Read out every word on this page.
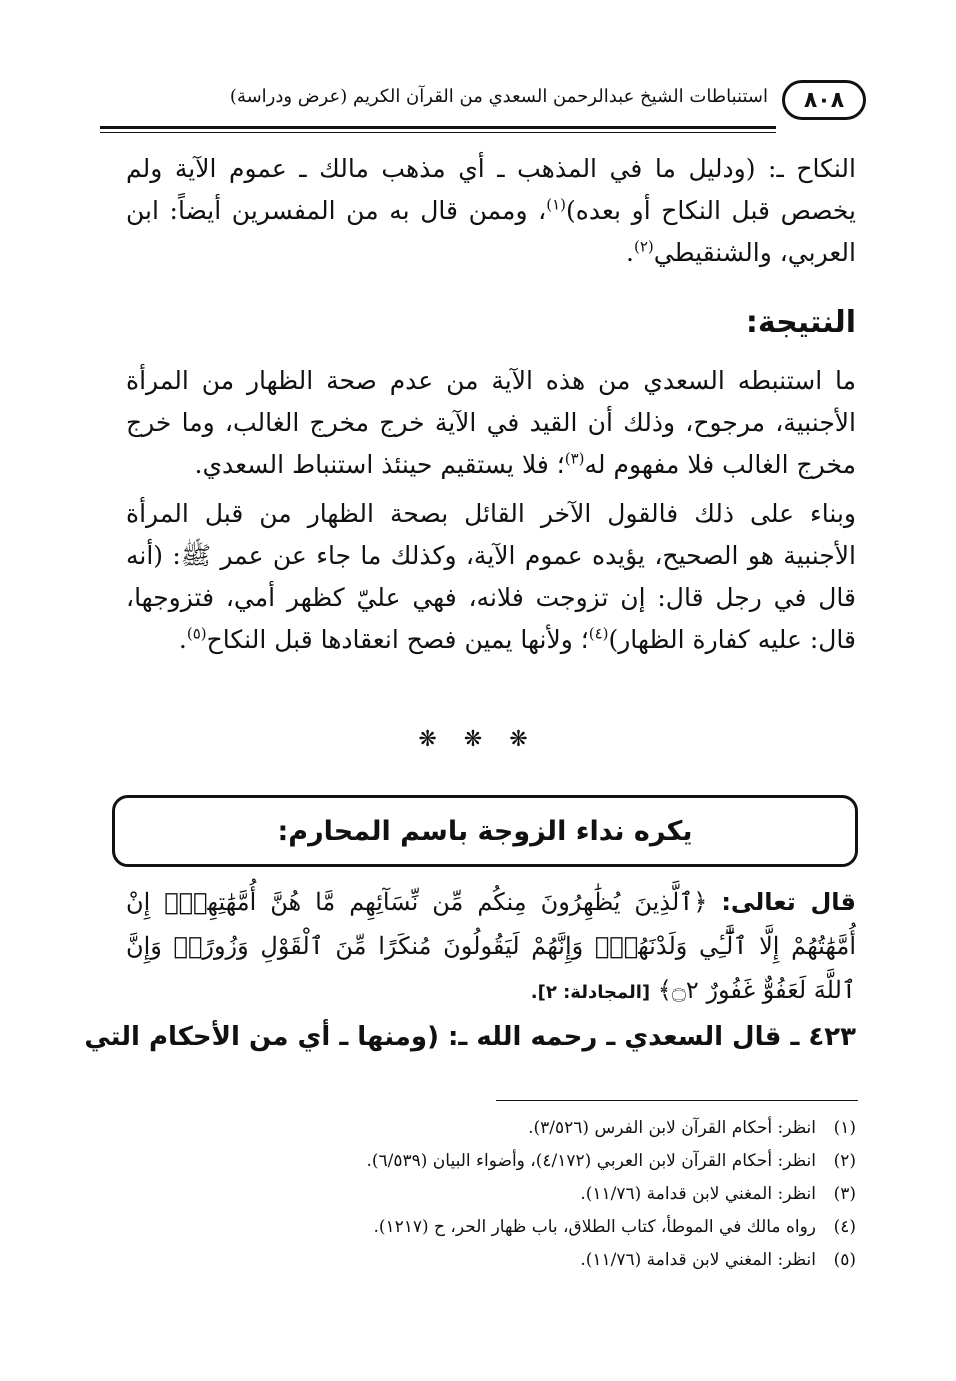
٨٠٨
استنباطات الشيخ عبدالرحمن السعدي من القرآن الكريم (عرض ودراسة)
النكاح ـ: (ودليل ما في المذهب ـ أي مذهب مالك ـ عموم الآية ولم يخصص قبل النكاح أو بعده)$^{(١)}$، وممن قال به من المفسرين أيضاً: ابن العربي، والشنقيطي$^{(٢)}$.
النتيجة:
ما استنبطه السعدي من هذه الآية من عدم صحة الظهار من المرأة الأجنبية، مرجوح، وذلك أن القيد في الآية خرج مخرج الغالب، وما خرج مخرج الغالب فلا مفهوم له$^{(٣)}$؛ فلا يستقيم حينئذ استنباط السعدي.
وبناء على ذلك فالقول الآخر القائل بصحة الظهار من قبل المرأة الأجنبية هو الصحيح، يؤيده عموم الآية، وكذلك ما جاء عن عمر ﷺ: (أنه قال في رجل قال: إن تزوجت فلانه، فهي عليّ كظهر أمي، فتزوجها، قال: عليه كفارة الظهار)$^{(٤)}$؛ ولأنها يمين فصح انعقادها قبل النكاح$^{(٥)}$.
❋ ❋ ❋
يكره نداء الزوجة باسم المحارم:
قال تعالى: ﴿ٱلَّذِينَ يُظَٰهِرُونَ مِنكُم مِّن نِّسَآئِهِم مَّا هُنَّ أُمَّهَٰتِهِمْۖ إِنْ أُمَّهَٰتُهُمْ إِلَّا ٱلَّٰٓـِٔي وَلَدْنَهُمْۚ وَإِنَّهُمْ لَيَقُولُونَ مُنكَرًا مِّنَ ٱلْقَوْلِ وَزُورًاۚ وَإِنَّ ٱللَّهَ لَعَفُوٌّ غَفُورٌ ۝٢﴾ [المجادلة: ٢].
٤٢٣ ـ قال السعدي ـ رحمه الله ـ: (ومنها ـ أي من الأحكام التي
(١)
انظر: أحكام القرآن لابن الفرس (٣/٥٢٦).
(٢)
انظر: أحكام القرآن لابن العربي (٤/١٧٢)، وأضواء البيان (٦/٥٣٩).
(٣)
انظر: المغني لابن قدامة (١١/٧٦).
(٤)
رواه مالك في الموطأ، كتاب الطلاق، باب ظهار الحر، ح (١٢١٧).
(٥)
انظر: المغني لابن قدامة (١١/٧٦).
